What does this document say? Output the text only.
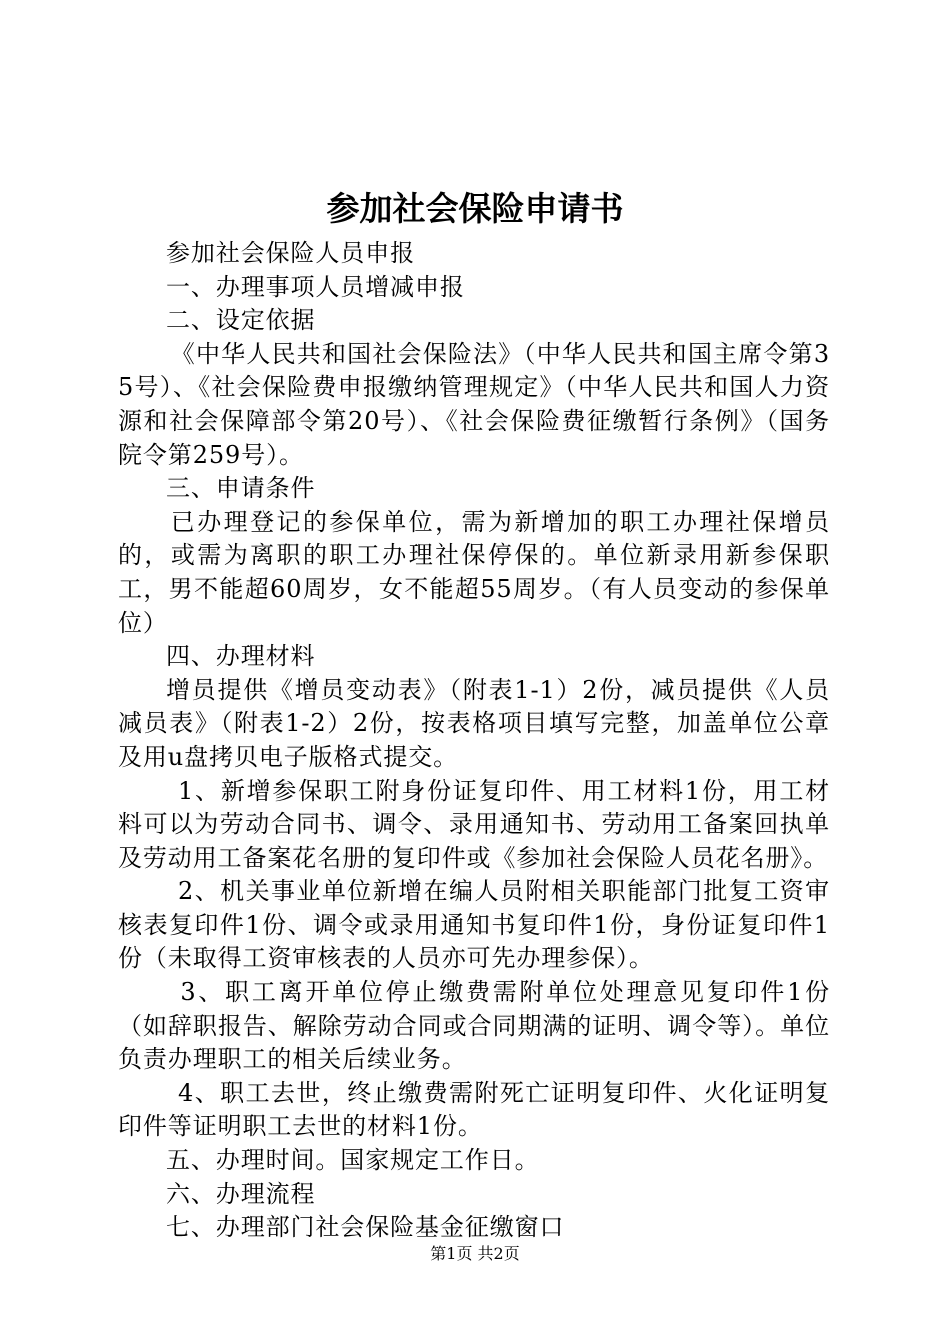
参加社会保险申请书

参加社会保险人员申报

一、办理事项人员增减申报

二、设定依据

《中华人民共和国社会保险法》（中华人民共和国主席令第35号）、《社会保险费申报缴纳管理规定》（中华人民共和国人力资源和社会保障部令第20号）、《社会保险费征缴暂行条例》（国务院令第259号）。

三、申请条件

已办理登记的参保单位，需为新增加的职工办理社保增员的，或需为离职的职工办理社保停保的。单位新录用新参保职工，男不能超60周岁，女不能超55周岁。（有人员变动的参保单位）

四、办理材料

增员提供《增员变动表》（附表1-1）2份，减员提供《人员减员表》（附表1-2）2份，按表格项目填写完整，加盖单位公章及用u盘拷贝电子版格式提交。

1、新增参保职工附身份证复印件、用工材料1份，用工材料可以为劳动合同书、调令、录用通知书、劳动用工备案回执单及劳动用工备案花名册的复印件或《参加社会保险人员花名册》。

2、机关事业单位新增在编人员附相关职能部门批复工资审核表复印件1份、调令或录用通知书复印件1份，身份证复印件1份（未取得工资审核表的人员亦可先办理参保）。

3、职工离开单位停止缴费需附单位处理意见复印件1份（如辞职报告、解除劳动合同或合同期满的证明、调令等）。单位负责办理职工的相关后续业务。

4、职工去世，终止缴费需附死亡证明复印件、火化证明复印件等证明职工去世的材料1份。

五、办理时间。国家规定工作日。

六、办理流程

七、办理部门社会保险基金征缴窗口

第1页 共2页
